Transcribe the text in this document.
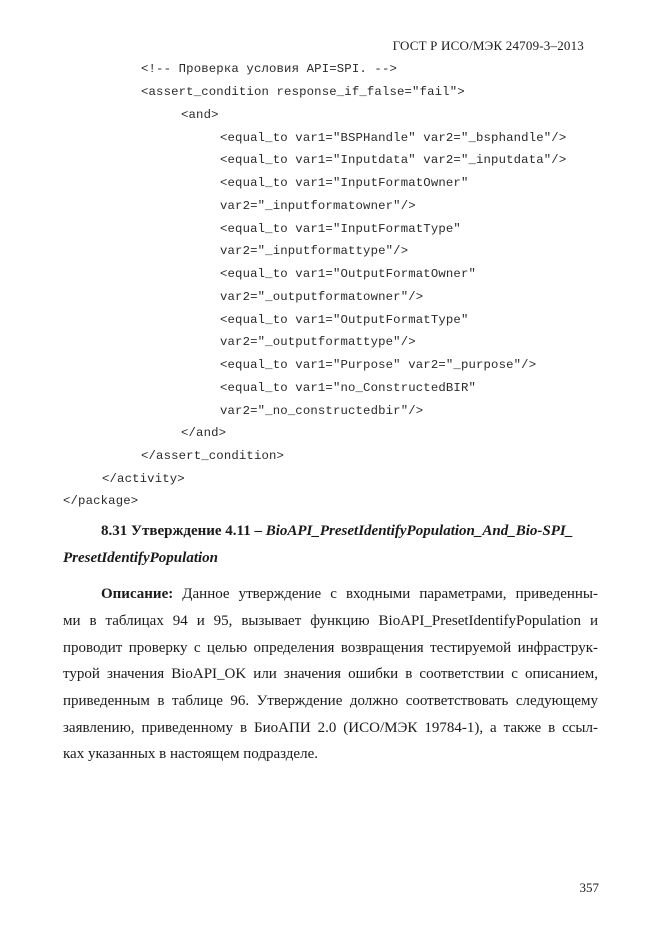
ГОСТ Р ИСО/МЭК 24709-3–2013
<!-- Проверка условия API=SPI. -->
<assert_condition response_if_false="fail">
<and>
<equal_to var1="BSPHandle" var2="_bsphandle"/>
<equal_to var1="Inputdata" var2="_inputdata"/>
<equal_to var1="InputFormatOwner"
var2="_inputformatowner"/>
<equal_to var1="InputFormatType"
var2="_inputformattype"/>
<equal_to var1="OutputFormatOwner"
var2="_outputformatowner"/>
<equal_to var1="OutputFormatType"
var2="_outputformattype"/>
<equal_to var1="Purpose" var2="_purpose"/>
<equal_to var1="no_ConstructedBIR"
var2="_no_constructedbir"/>
</and>
</assert_condition>
</activity>
</package>
8.31 Утверждение 4.11 – BioAPI_PresetIdentifyPopulation_And_Bio-SPI_
PresetIdentifyPopulation
Описание: Данное утверждение с входными параметрами, приведенны-
ми в таблицах 94 и 95, вызывает функцию BioAPI_PresetIdentifyPopulation и
проводит проверку с целью определения возвращения тестируемой инфраструк-
турой значения BioAPI_OK или значения ошибки в соответствии с описанием,
приведенным в таблице 96. Утверждение должно соответствовать следующему
заявлению, приведенному в БиоАПИ 2.0 (ИСО/МЭК 19784-1), а также в ссыл-
ках указанных в настоящем подразделе.
357
